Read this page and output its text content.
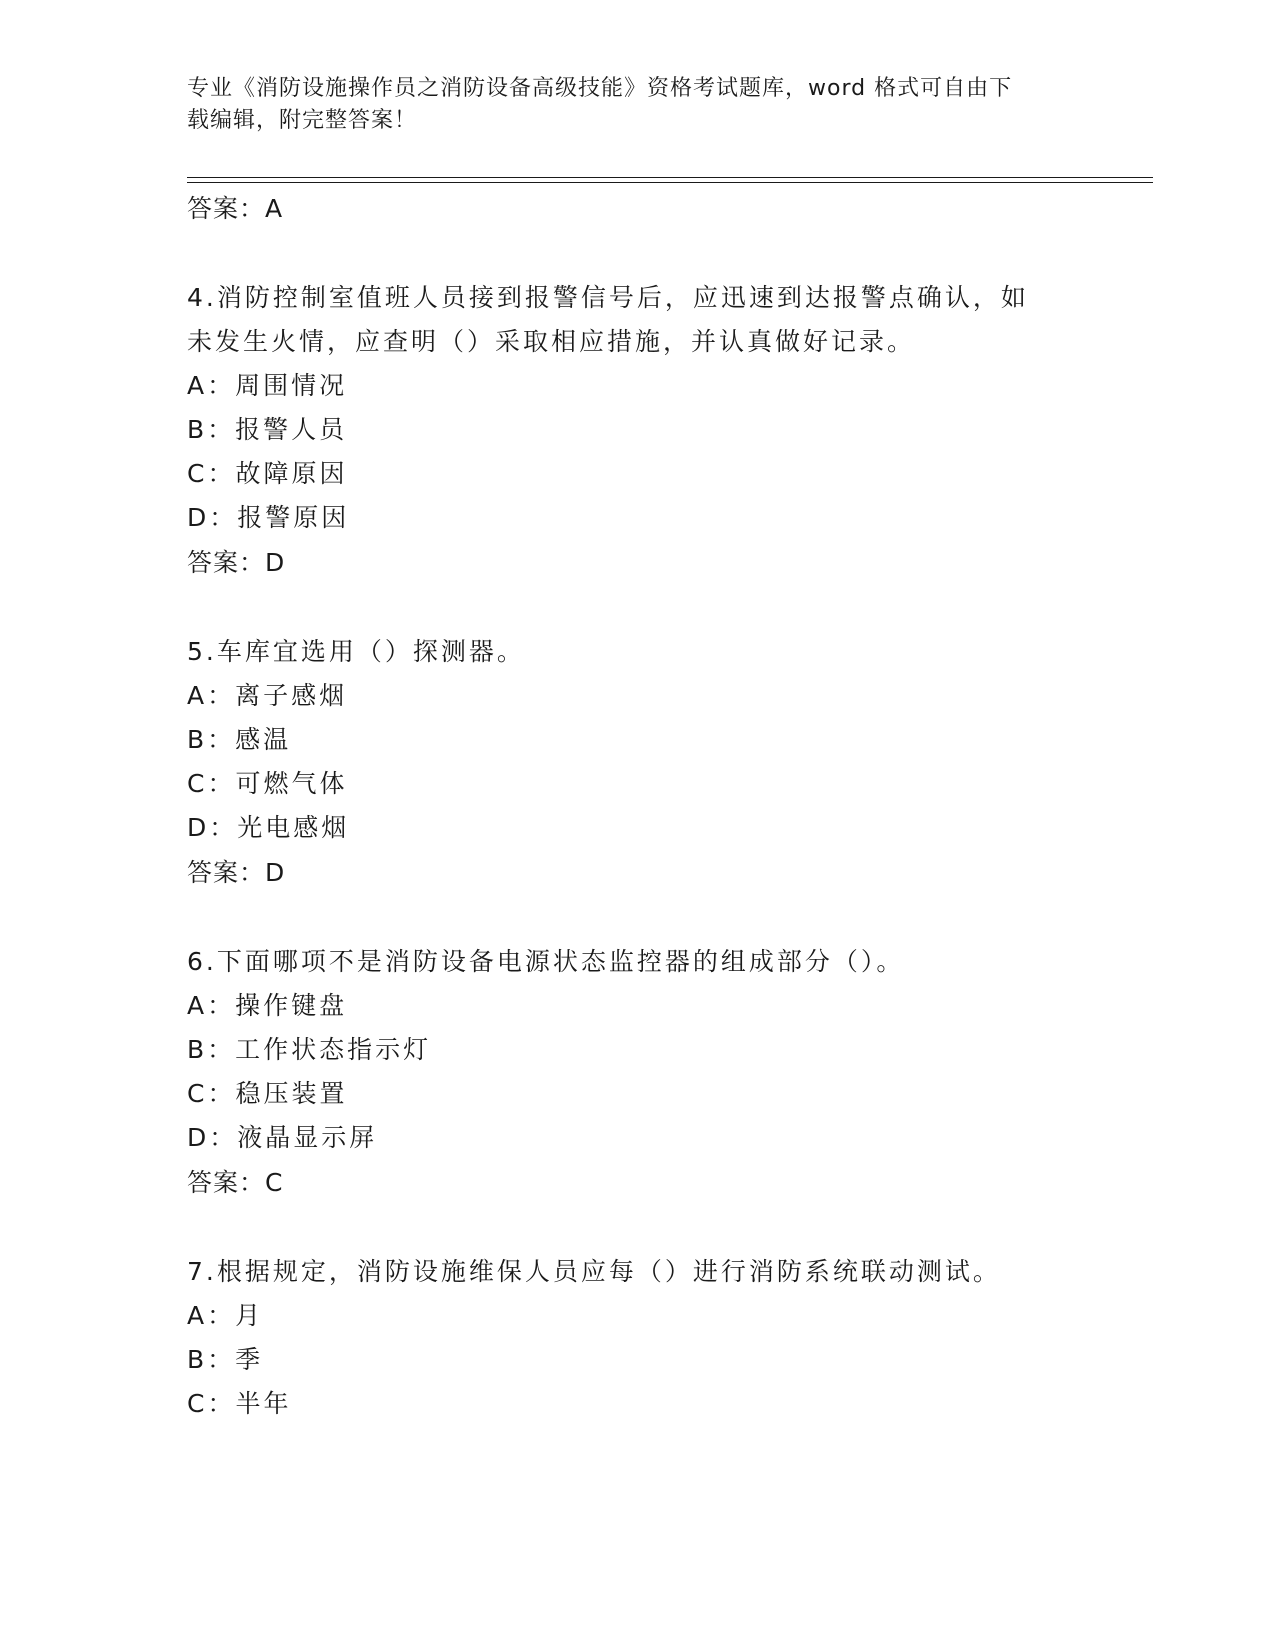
专业《消防设施操作员之消防设备高级技能》资格考试题库，word 格式可自由下
载编辑，附完整答案！
答案：A
4.消防控制室值班人员接到报警信号后，应迅速到达报警点确认，如
未发生火情，应查明（）采取相应措施，并认真做好记录。
A：周围情况
B：报警人员
C：故障原因
D：报警原因
答案：D
5.车库宜选用（）探测器。
A：离子感烟
B：感温
C：可燃气体
D：光电感烟
答案：D
6.下面哪项不是消防设备电源状态监控器的组成部分（）。
A：操作键盘
B：工作状态指示灯
C：稳压装置
D：液晶显示屏
答案：C
7.根据规定，消防设施维保人员应每（）进行消防系统联动测试。
A：月
B：季
C：半年
